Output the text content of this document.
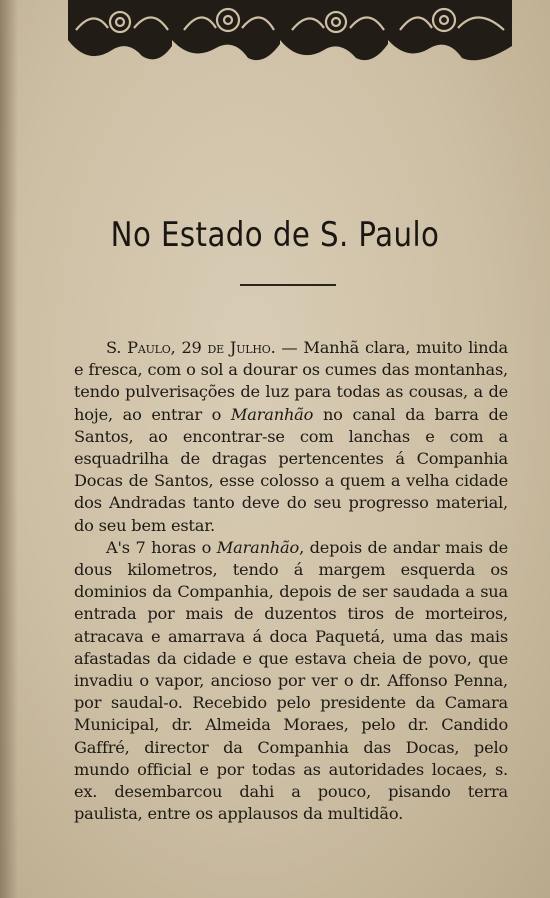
No Estado de S. Paulo

S. Paulo, 29 de Julho. — Manhã clara, muito linda e fresca, com o sol a dourar os cumes das montanhas, tendo pulverisações de luz para todas as cousas, a de hoje, ao entrar o Maranhão no canal da barra de Santos, ao encontrar-se com lanchas e com a esquadrilha de dragas pertencentes á Companhia Docas de Santos, esse colosso a quem a velha cidade dos Andradas tanto deve do seu progresso material, do seu bem estar.

A's 7 horas o Maranhão, depois de andar mais de dous kilometros, tendo á margem esquerda os dominios da Companhia, depois de ser saudada a sua entrada por mais de duzentos tiros de morteiros, atracava e amarrava á doca Paquetá, uma das mais afastadas da cidade e que estava cheia de povo, que invadiu o vapor, ancioso por ver o dr. Affonso Penna, por saudal-o. Recebido pelo presidente da Camara Municipal, dr. Almeida Moraes, pelo dr. Candido Gaffré, director da Companhia das Docas, pelo mundo official e por todas as autoridades locaes, s. ex. desembarcou dahi a pouco, pisando terra paulista, entre os applausos da multidão.
